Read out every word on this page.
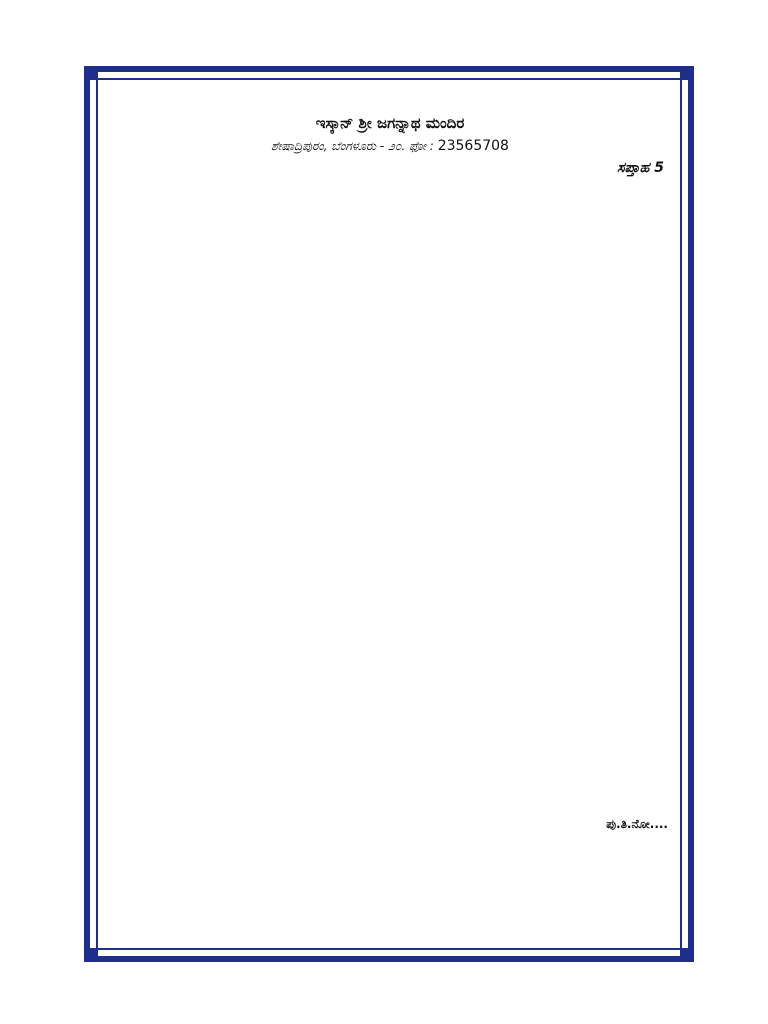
ಇಸ್ಕಾನ್ ಶ್ರೀ ಜಗನ್ನಾಥ ಮಂದಿರ
ಶೇಷಾದ್ರಿಪುರಂ, ಬೆಂಗಳೂರು - ೨೦. ಫೋ : 23565708
ಸಪ್ತಾಹ 5
ಪು.ತಿ.ನೋ....
